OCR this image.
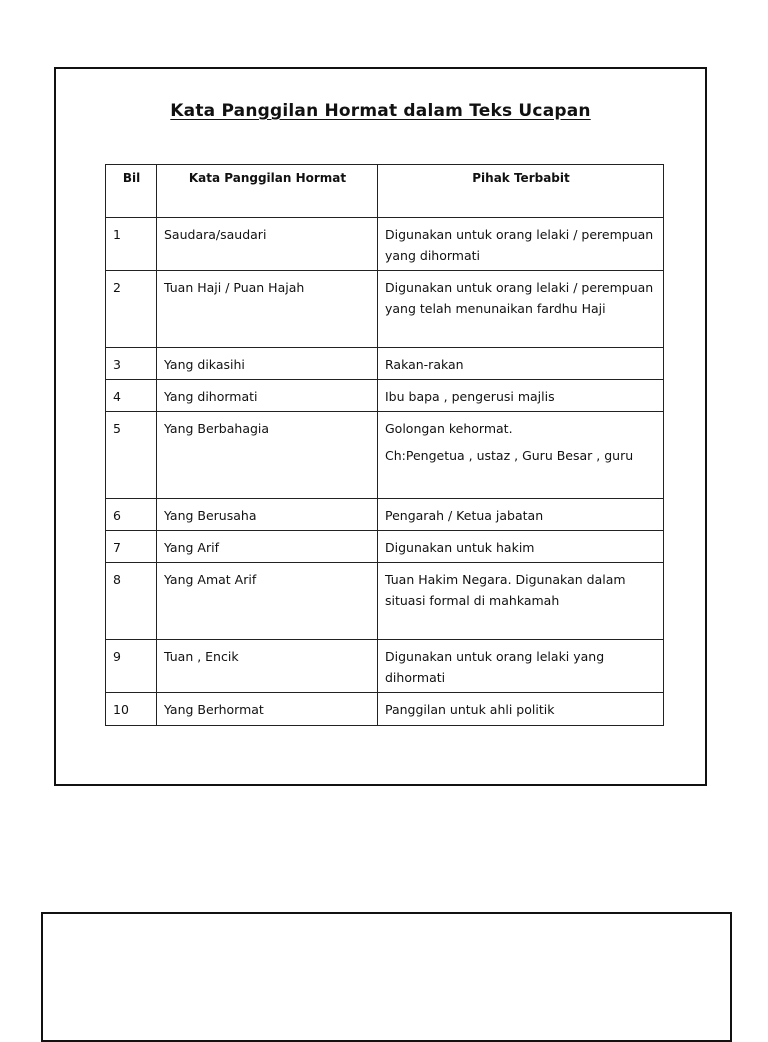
Kata Panggilan Hormat dalam Teks Ucapan
Bil	Kata Panggilan Hormat	Pihak Terbabit
1	Saudara/saudari	Digunakan untuk orang lelaki / perempuan yang dihormati
2	Tuan Haji / Puan Hajah	Digunakan untuk orang lelaki / perempuan yang telah menunaikan fardhu Haji
3	Yang dikasihi	Rakan-rakan
4	Yang dihormati	Ibu bapa , pengerusi majlis
5	Yang Berbahagia	Golongan kehormat.
Ch:Pengetua , ustaz , Guru Besar , guru

6	Yang Berusaha	Pengarah / Ketua jabatan
7	Yang Arif	Digunakan untuk hakim
8	Yang Amat Arif	Tuan Hakim Negara. Digunakan dalam situasi formal di mahkamah
9	Tuan , Encik	Digunakan untuk orang lelaki yang dihormati
10	Yang Berhormat	Panggilan untuk ahli politik
